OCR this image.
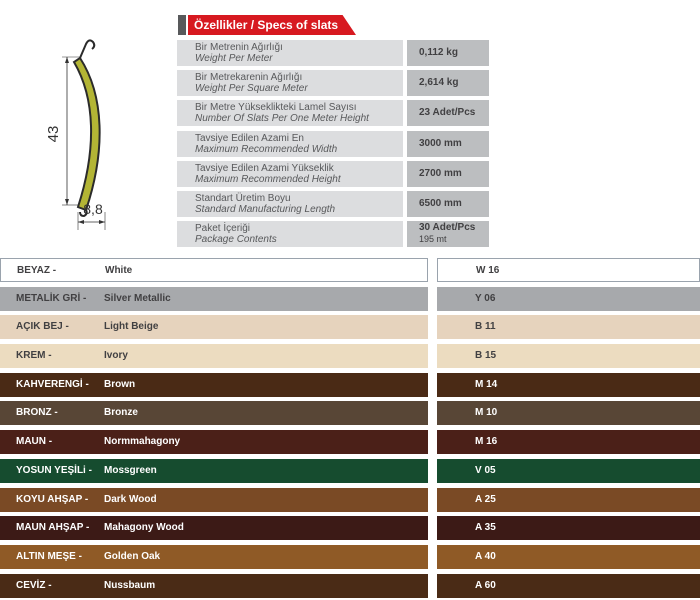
43
8,8
Özellikler / Specs of slats
Bir Metrenin Ağırlığı
Weight Per Meter
0,112 kg
Bir Metrekarenin Ağırlığı
Weight Per Square Meter
2,614 kg
Bir Metre Yükseklikteki Lamel Sayısı
Number Of Slats Per One Meter Height
23 Adet/Pcs
Tavsiye Edilen Azami En
Maximum Recommended Width
3000 mm
Tavsiye Edilen Azami Yükseklik
Maximum Recommended Height
2700 mm
Standart Üretim Boyu
Standard Manufacturing Length
6500 mm
Paket İçeriği
Package Contents
30 Adet/Pcs
195 mt
BEYAZ -	White	W 16
METALİK GRİ - Silver Metallic	Y 06
AÇIK BEJ -	Light Beige	B 11
KREM -	Ivory	B 15
KAHVERENGİ - Brown	M 14
BRONZ -	Bronze	M 10
MAUN -	Normmahagony	M 16
YOSUN YEŞİLi - Mossgreen	V 05
KOYU AHŞAP - Dark Wood	A 25
MAUN AHŞAP - Mahagony Wood	A 35
ALTIN MEŞE - Golden Oak	A 40
CEVİZ -	Nussbaum	A 60
